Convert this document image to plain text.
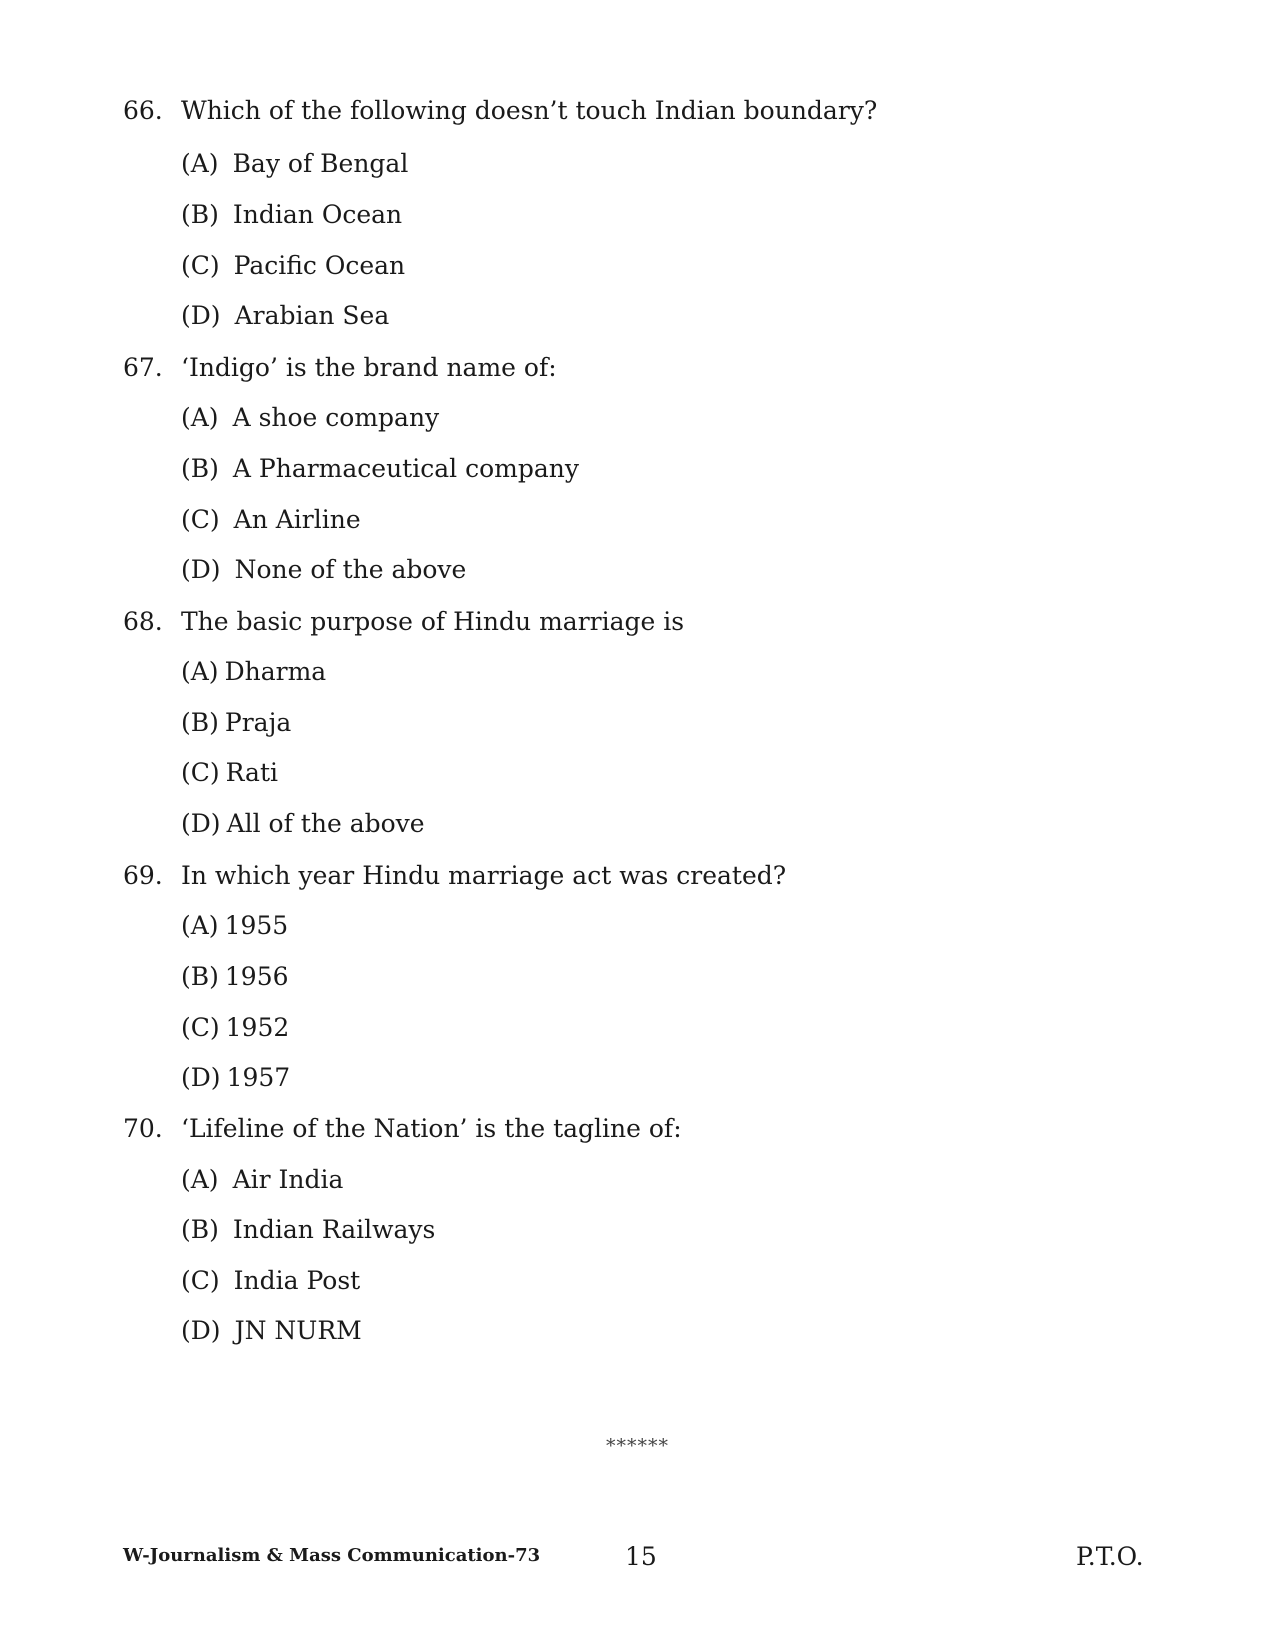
66. Which of the following doesn’t touch Indian boundary?
(A) Bay of Bengal
(B) Indian Ocean
(C) Pacific Ocean
(D) Arabian Sea
67. ‘Indigo’ is the brand name of:
(A) A shoe company
(B) A Pharmaceutical company
(C) An Airline
(D) None of the above
68. The basic purpose of Hindu marriage is
(A) Dharma
(B) Praja
(C) Rati
(D) All of the above
69. In which year Hindu marriage act was created?
(A) 1955
(B) 1956
(C) 1952
(D) 1957
70. ‘Lifeline of the Nation’ is the tagline of:
(A) Air India
(B) Indian Railways
(C) India Post
(D) JN NURM
******
W-Journalism & Mass Communication-73	15	P.T.O.
